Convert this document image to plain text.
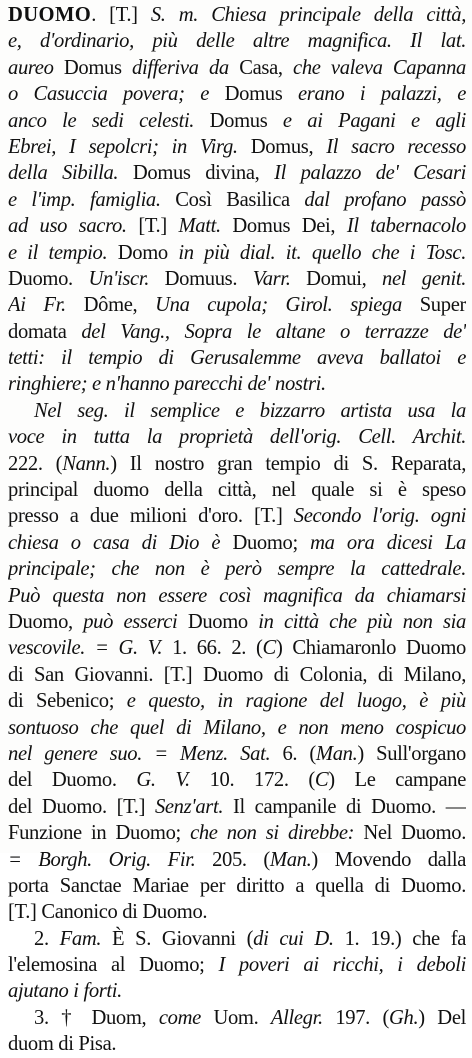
DUOMO. [T.] S. m. Chiesa principale della città,
e, d'ordinario, più delle altre magnifica. Il lat.
aureo Domus differiva da Casa, che valeva Capanna
o Casuccia povera; e Domus erano i palazzi, e
anco le sedi celesti. Domus e ai Pagani e agli
Ebrei, I sepolcri; in Virg. Domus, Il sacro recesso
della Sibilla. Domus divina, Il palazzo de' Cesari
e l'imp. famiglia. Così Basilica dal profano passò
ad uso sacro. [T.] Matt. Domus Dei, Il tabernacolo
e il tempio. Domo in più dial. it. quello che i Tosc.
Duomo. Un'iscr. Domuus. Varr. Domui, nel genit.
Ai Fr. Dôme, Una cupola; Girol. spiega Super
domata del Vang., Sopra le altane o terrazze de'
tetti: il tempio di Gerusalemme aveva ballatoi e
ringhiere; e n'hanno parecchi de' nostri.
Nel seg. il semplice e bizzarro artista usa la
voce in tutta la proprietà dell'orig. Cell. Archit.
222. (Nann.) Il nostro gran tempio di S. Reparata,
principal duomo della città, nel quale si è speso
presso a due milioni d'oro. [T.] Secondo l'orig. ogni
chiesa o casa di Dio è Duomo; ma ora dicesi La
principale; che non è però sempre la cattedrale.
Può questa non essere così magnifica da chiamarsi
Duomo, può esserci Duomo in città che più non sia
vescovile. = G. V. 1. 66. 2. (C) Chiamaronlo Duomo
di San Giovanni. [T.] Duomo di Colonia, di Milano,
di Sebenico; e questo, in ragione del luogo, è più
sontuoso che quel di Milano, e non meno cospicuo
nel genere suo. = Menz. Sat. 6. (Man.) Sull'organo
del Duomo. G. V. 10. 172. (C) Le campane
del Duomo. [T.] Senz'art. Il campanile di Duomo. —
Funzione in Duomo; che non si direbbe: Nel Duomo.
= Borgh. Orig. Fir. 205. (Man.) Movendo dalla
porta Sanctae Mariae per diritto a quella di Duomo.
[T.] Canonico di Duomo.
2. Fam. È S. Giovanni (di cui D. 1. 19.) che fa
l'elemosina al Duomo; I poveri ai ricchi, i deboli
ajutano i forti.
3. † Duom, come Uom. Allegr. 197. (Gh.) Del
duom di Pisa.
